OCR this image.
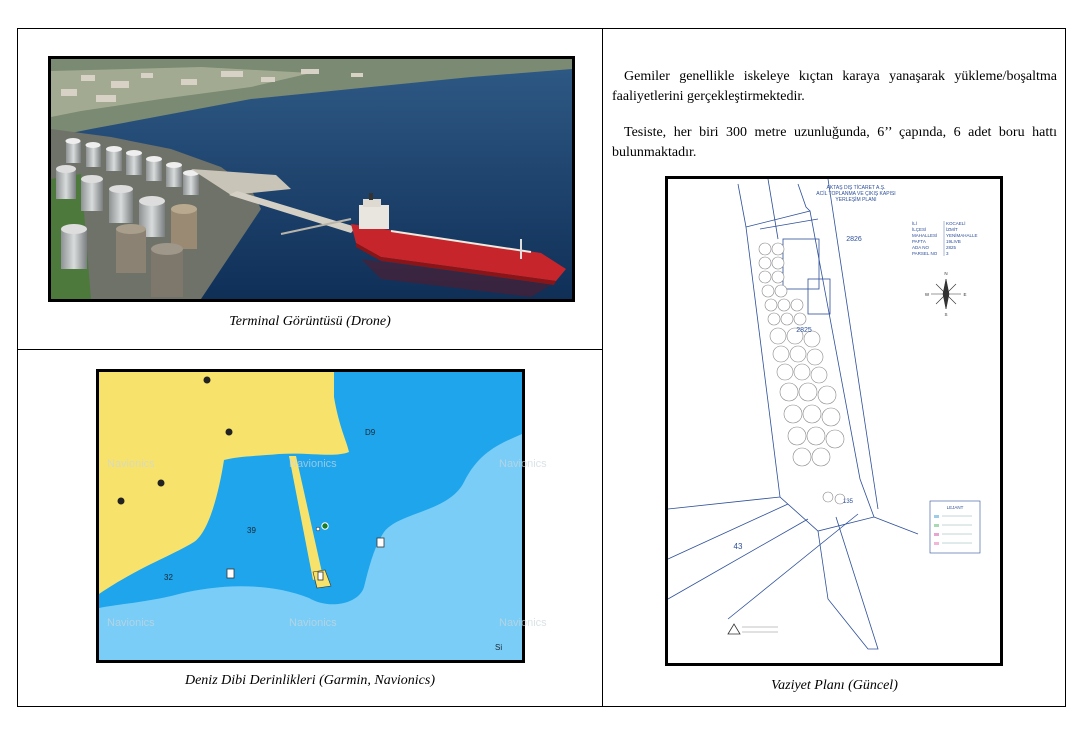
Terminal Görüntüsü (Drone)
Navionics	Navionics	Navionics
Navionics	Navionics	Navionics
D9
39
32
Si
Deniz Dibi Derinlikleri (Garmin, Navionics)

Gemiler genellikle iskeleye kıçtan karaya yanaşarak yükleme/boşaltma faaliyetlerini gerçekleştirmektedir.

Tesiste, her biri 300 metre uzunluğunda, 6’’ çapında, 6 adet boru hattı bulunmaktadır.

AKTAŞ DIŞ TİCARET A.Ş.
ACİL TOPLANMA VE ÇIKIŞ KAPISI
YERLEŞİM PLANI
İLİ	KOCAELİ
İLÇESİ	İZMİT
MAHALLESİ YENİMAHALLE
PAFTA	19LIVB
ADA NO	2825
PARSEL NO 3
N
E
S
W
2826
2825
43
135
LEJANT
Vaziyet Planı (Güncel)
